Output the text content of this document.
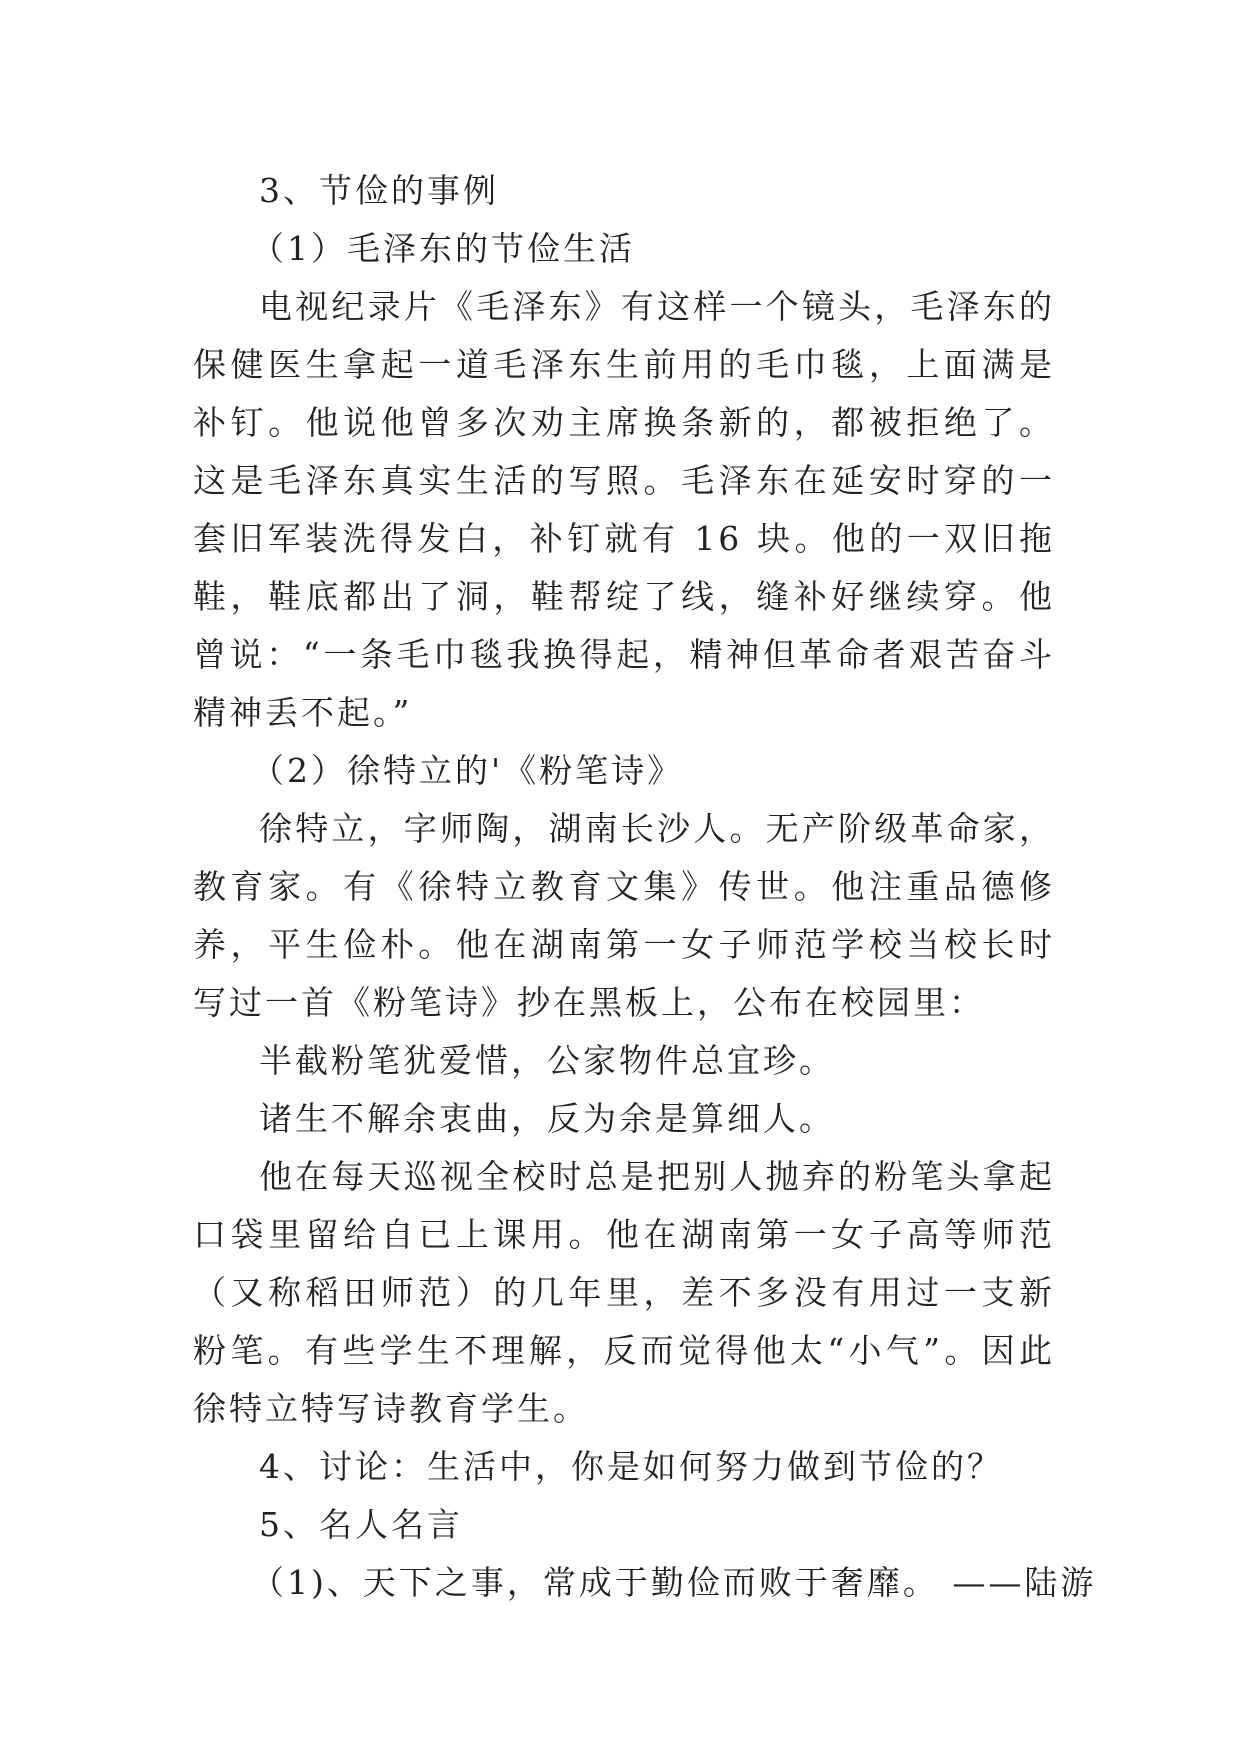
3、节俭的事例

（1）毛泽东的节俭生活

电视纪录片《毛泽东》有这样一个镜头，毛泽东的保健医生拿起一道毛泽东生前用的毛巾毯，上面满是补钉。他说他曾多次劝主席换条新的，都被拒绝了。这是毛泽东真实生活的写照。毛泽东在延安时穿的一套旧军装洗得发白，补钉就有 16 块。他的一双旧拖鞋，鞋底都出了洞，鞋帮绽了线，缝补好继续穿。他曾说：“一条毛巾毯我换得起，精神但革命者艰苦奋斗精神丢不起。”

（2）徐特立的'《粉笔诗》

徐特立，字师陶，湖南长沙人。无产阶级革命家，教育家。有《徐特立教育文集》传世。他注重品德修养，平生俭朴。他在湖南第一女子师范学校当校长时写过一首《粉笔诗》抄在黑板上，公布在校园里：

半截粉笔犹爱惜，公家物件总宜珍。

诸生不解余衷曲，反为余是算细人。

他在每天巡视全校时总是把别人抛弃的粉笔头拿起口袋里留给自已上课用。他在湖南第一女子高等师范（又称稻田师范）的几年里，差不多没有用过一支新粉笔。有些学生不理解，反而觉得他太“小气”。因此徐特立特写诗教育学生。

4、讨论：生活中，你是如何努力做到节俭的？

5、名人名言

（1)、天下之事，常成于勤俭而败于奢靡。 ——陆游
